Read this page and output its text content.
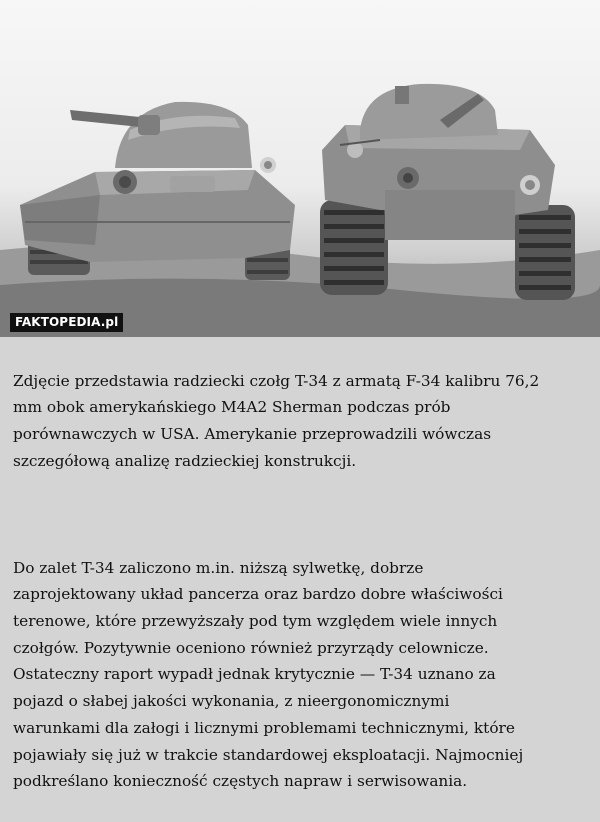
FAKTOPEDIA.pl

Zdjęcie przedstawia radziecki czołg T-34 z armatą F-34 kalibru 76,2
mm obok amerykańskiego M4A2 Sherman podczas prób
porównawczych w USA. Amerykanie przeprowadzili wówczas
szczegółową analizę radzieckiej konstrukcji.

Do zalet T-34 zaliczono m.in. niższą sylwetkę, dobrze
zaprojektowany układ pancerza oraz bardzo dobre właściwości
terenowe, które przewyższały pod tym względem wiele innych
czołgów. Pozytywnie oceniono również przyrządy celownicze.
Ostateczny raport wypadł jednak krytycznie — T-34 uznano za
pojazd o słabej jakości wykonania, z nieergonomicznymi
warunkami dla załogi i licznymi problemami technicznymi, które
pojawiały się już w trakcie standardowej eksploatacji. Najmocniej
podkreślano konieczność częstych napraw i serwisowania.
